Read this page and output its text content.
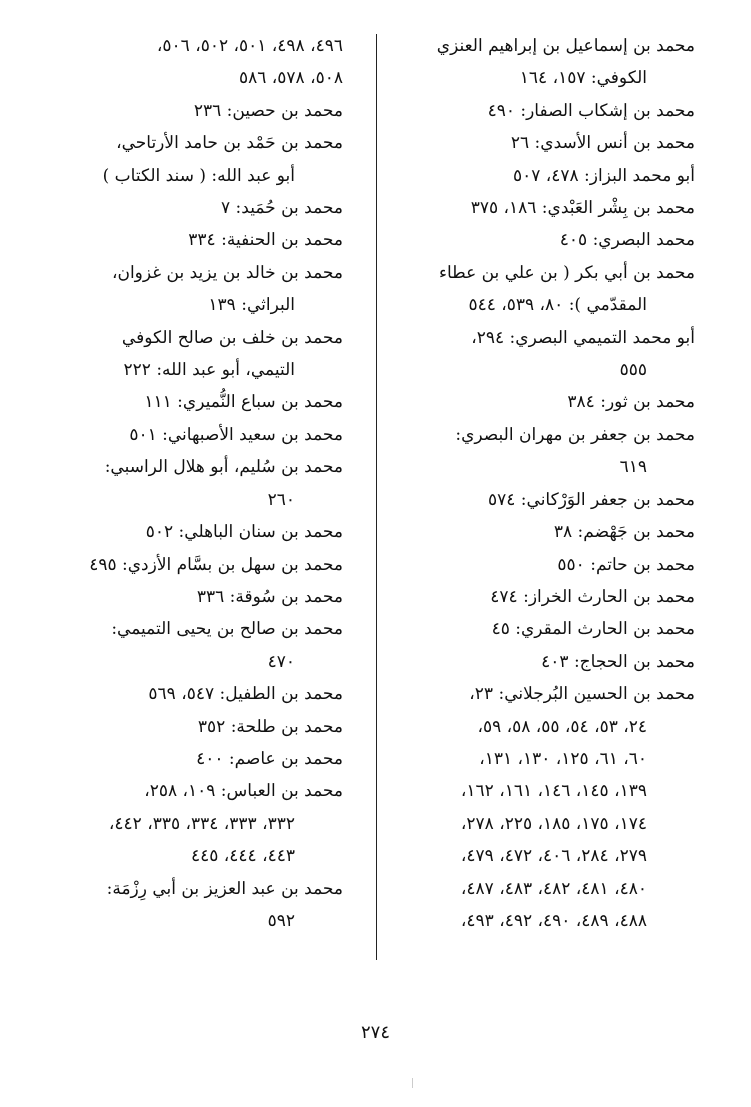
محمد بن إسماعيل بن إبراهيم العنزي
الكوفي: ١٥٧، ١٦٤

محمد بن إشكاب الصفار: ٤٩٠

محمد بن أنس الأسدي: ٢٦

أبو محمد البزاز: ٤٧٨، ٥٠٧

محمد بن بِشْر العَبْدي: ١٨٦، ٣٧٥

محمد البصري: ٤٠٥

محمد بن أبي بكر ( بن علي بن عطاء
المقدّمي ): ٨٠، ٥٣٩، ٥٤٤

أبو محمد التميمي البصري: ٢٩٤،
٥٥٥

محمد بن ثور: ٣٨٤

محمد بن جعفر بن مهران البصري:
٦١٩

محمد بن جعفر الوَرْكاني: ٥٧٤

محمد بن جَهْضم: ٣٨

محمد بن حاتم: ٥٥٠

محمد بن الحارث الخراز: ٤٧٤

محمد بن الحارث المقري: ٤٥

محمد بن الحجاج: ٤٠٣

محمد بن الحسين البُرجلاني: ٢٣،
٢٤، ٥٣، ٥٤، ٥٥، ٥٨، ٥٩،
٦٠، ٦١، ١٢٥، ١٣٠، ١٣١،
١٣٩، ١٤٥، ١٤٦، ١٦١، ١٦٢،
١٧٤، ١٧٥، ١٨٥، ٢٢٥، ٢٧٨،
٢٧٩، ٢٨٤، ٤٠٦، ٤٧٢، ٤٧٩،
٤٨٠، ٤٨١، ٤٨٢، ٤٨٣، ٤٨٧،
٤٨٨، ٤٨٩، ٤٩٠، ٤٩٢، ٤٩٣،

٤٩٦، ٤٩٨، ٥٠١، ٥٠٢، ٥٠٦،
٥٠٨، ٥٧٨، ٥٨٦

محمد بن حصين: ٢٣٦

محمد بن حَمْد بن حامد الأرتاحي،
أبو عبد الله: ( سند الكتاب )

محمد بن حُمَيد: ٧

محمد بن الحنفية: ٣٣٤

محمد بن خالد بن يزيد بن غزوان،
البراثي: ١٣٩

محمد بن خلف بن صالح الكوفي
التيمي، أبو عبد الله: ٢٢٢

محمد بن سباع النُّميري: ١١١

محمد بن سعيد الأصبهاني: ٥٠١

محمد بن سُليم، أبو هلال الراسبي:
٢٦٠

محمد بن سنان الباهلي: ٥٠٢

محمد بن سهل بن بسَّام الأزدي: ٤٩٥

محمد بن سُوقة: ٣٣٦

محمد بن صالح بن يحيى التميمي:
٤٧٠

محمد بن الطفيل: ٥٤٧، ٥٦٩

محمد بن طلحة: ٣٥٢

محمد بن عاصم: ٤٠٠

محمد بن العباس: ١٠٩، ٢٥٨،
٣٣٢، ٣٣٣، ٣٣٤، ٣٣٥، ٤٤٢،
٤٤٣، ٤٤٤، ٤٤٥

محمد بن عبد العزيز بن أبي رِزْمَة:
٥٩٢

٢٧٤
